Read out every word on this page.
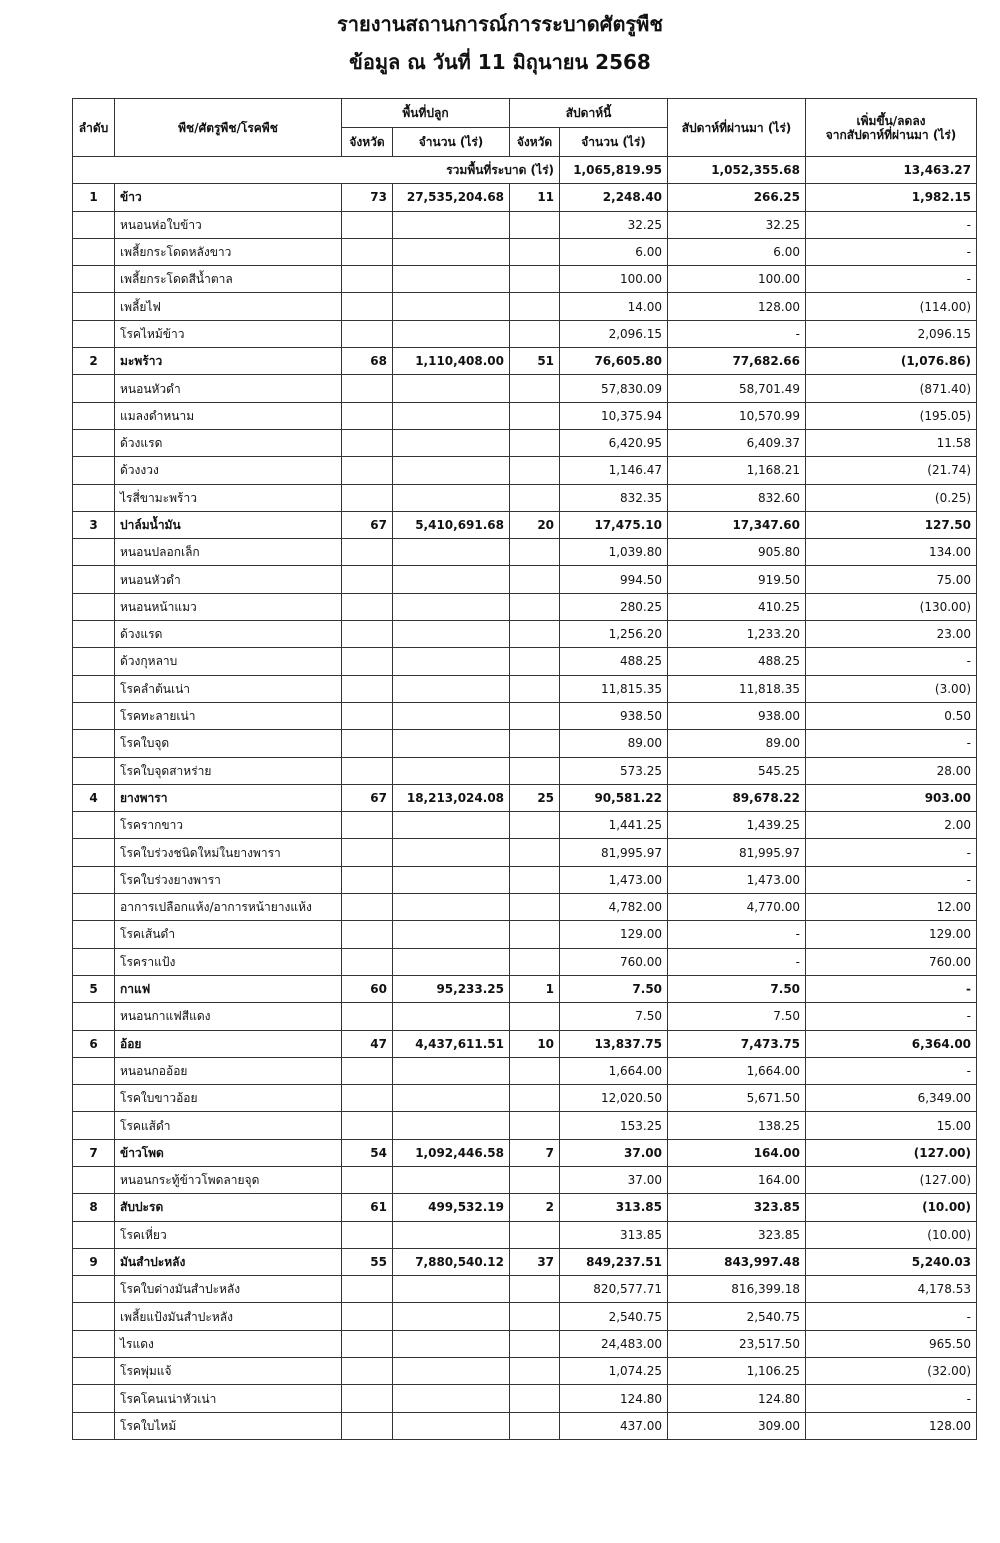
รายงานสถานการณ์การระบาดศัตรูพืช
ข้อมูล ณ วันที่ 11 มิถุนายน 2568
ลำดับ	พืช/ศัตรูพืช/โรคพืช	พื้นที่ปลูก		สัปดาห์นี้		สัปดาห์ที่ผ่านมา (ไร่)	เพิ่มขึ้น/ลดลง
จากสัปดาห์ที่ผ่านมา (ไร่)

		จังหวัด	จำนวน (ไร่)	จังหวัด	จำนวน (ไร่)		
รวมพื้นที่ระบาด (ไร่)					1,065,819.95	1,052,355.68	13,463.27
1	ข้าว	73	27,535,204.68	11	2,248.40	266.25	1,982.15
	หนอนห่อใบข้าว				32.25	32.25	-
	เพลี้ยกระโดดหลังขาว				6.00	6.00	-
	เพลี้ยกระโดดสีน้ำตาล				100.00	100.00	-
	เพลี้ยไฟ				14.00	128.00	(114.00)
	โรคไหม้ข้าว				2,096.15	-	2,096.15
2	มะพร้าว	68	1,110,408.00	51	76,605.80	77,682.66	(1,076.86)
	หนอนหัวดำ				57,830.09	58,701.49	(871.40)
	แมลงดำหนาม				10,375.94	10,570.99	(195.05)
	ด้วงแรด				6,420.95	6,409.37	11.58
	ด้วงงวง				1,146.47	1,168.21	(21.74)
	ไรสี่ขามะพร้าว				832.35	832.60	(0.25)
3	ปาล์มน้ำมัน	67	5,410,691.68	20	17,475.10	17,347.60	127.50
	หนอนปลอกเล็ก				1,039.80	905.80	134.00
	หนอนหัวดำ				994.50	919.50	75.00
	หนอนหน้าแมว				280.25	410.25	(130.00)
	ด้วงแรด				1,256.20	1,233.20	23.00
	ด้วงกุหลาบ				488.25	488.25	-
	โรคลำต้นเน่า				11,815.35	11,818.35	(3.00)
	โรคทะลายเน่า				938.50	938.00	0.50
	โรคใบจุด				89.00	89.00	-
	โรคใบจุดสาหร่าย				573.25	545.25	28.00
4	ยางพารา	67	18,213,024.08	25	90,581.22	89,678.22	903.00
	โรครากขาว				1,441.25	1,439.25	2.00
	โรคใบร่วงชนิดใหม่ในยางพารา				81,995.97	81,995.97	-
	โรคใบร่วงยางพารา				1,473.00	1,473.00	-
	อาการเปลือกแห้ง/อาการหน้ายางแห้ง				4,782.00	4,770.00	12.00
	โรคเส้นดำ				129.00	-	129.00
	โรคราแป้ง				760.00	-	760.00
5	กาแฟ	60	95,233.25	1	7.50	7.50	-
	หนอนกาแฟสีแดง				7.50	7.50	-
6	อ้อย	47	4,437,611.51	10	13,837.75	7,473.75	6,364.00
	หนอนกออ้อย				1,664.00	1,664.00	-
	โรคใบขาวอ้อย				12,020.50	5,671.50	6,349.00
	โรคแส้ดำ				153.25	138.25	15.00
7	ข้าวโพด	54	1,092,446.58	7	37.00	164.00	(127.00)
	หนอนกระทู้ข้าวโพดลายจุด				37.00	164.00	(127.00)
8	สับปะรด	61	499,532.19	2	313.85	323.85	(10.00)
	โรคเหี่ยว				313.85	323.85	(10.00)
9	มันสำปะหลัง	55	7,880,540.12	37	849,237.51	843,997.48	5,240.03
	โรคใบด่างมันสำปะหลัง				820,577.71	816,399.18	4,178.53
	เพลี้ยแป้งมันสำปะหลัง				2,540.75	2,540.75	-
	ไรแดง				24,483.00	23,517.50	965.50
	โรคพุ่มแจ้				1,074.25	1,106.25	(32.00)
	โรคโคนเน่าหัวเน่า				124.80	124.80	-
	โรคใบไหม้				437.00	309.00	128.00
